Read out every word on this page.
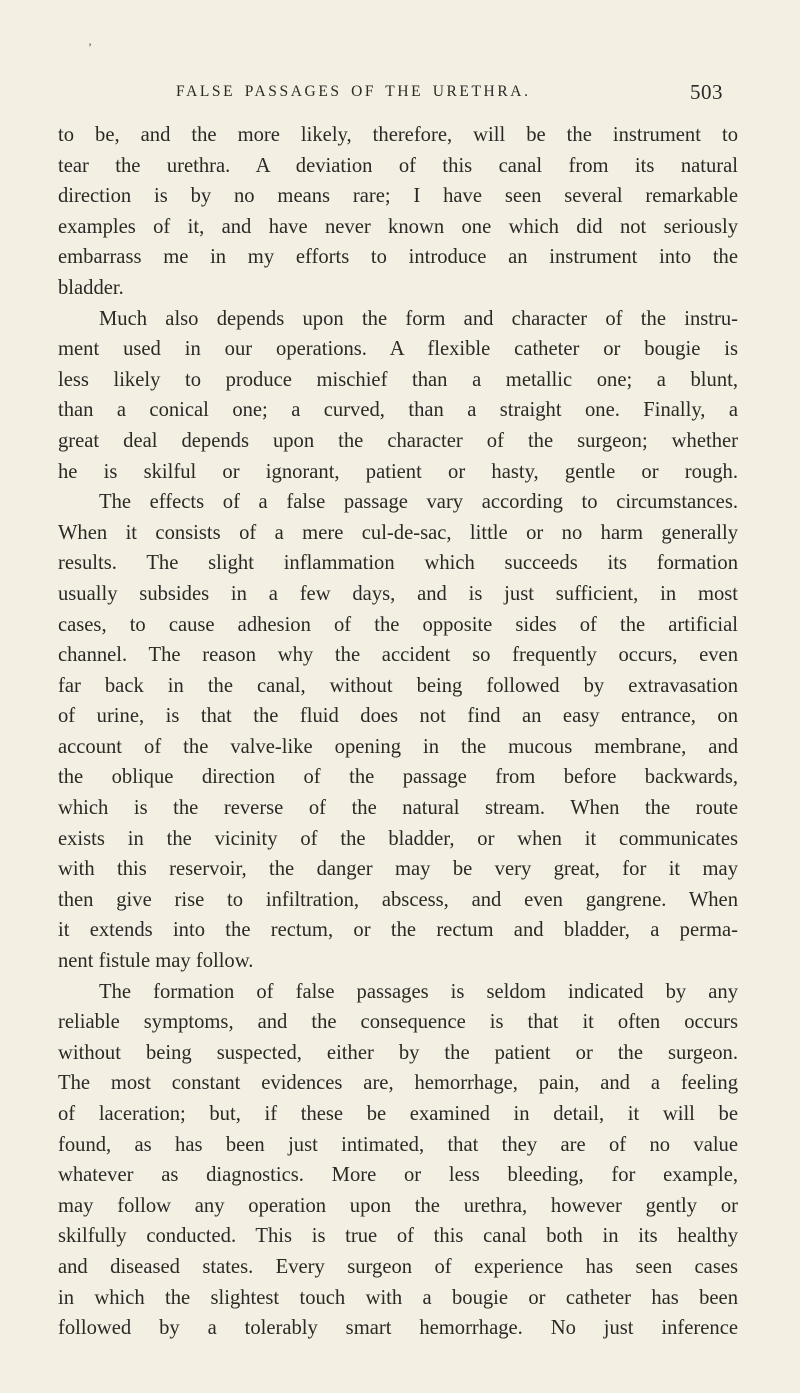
’
FALSE PASSAGES OF THE URETHRA.	503
to be, and the more likely, therefore, will be the instrument to
tear the urethra. A deviation of this canal from its natural
direction is by no means rare; I have seen several remarkable
examples of it, and have never known one which did not seriously
embarrass me in my efforts to introduce an instrument into the
bladder.
Much also depends upon the form and character of the instru-
ment used in our operations. A flexible catheter or bougie is
less likely to produce mischief than a metallic one; a blunt,
than a conical one; a curved, than a straight one. Finally, a
great deal depends upon the character of the surgeon; whether
he is skilful or ignorant, patient or hasty, gentle or rough.
The effects of a false passage vary according to circumstances.
When it consists of a mere cul-de-sac, little or no harm generally
results. The slight inflammation which succeeds its formation
usually subsides in a few days, and is just sufficient, in most
cases, to cause adhesion of the opposite sides of the artificial
channel. The reason why the accident so frequently occurs, even
far back in the canal, without being followed by extravasation
of urine, is that the fluid does not find an easy entrance, on
account of the valve-like opening in the mucous membrane, and
the oblique direction of the passage from before backwards,
which is the reverse of the natural stream. When the route
exists in the vicinity of the bladder, or when it communicates
with this reservoir, the danger may be very great, for it may
then give rise to infiltration, abscess, and even gangrene. When
it extends into the rectum, or the rectum and bladder, a perma-
nent fistule may follow.
The formation of false passages is seldom indicated by any
reliable symptoms, and the consequence is that it often occurs
without being suspected, either by the patient or the surgeon.
The most constant evidences are, hemorrhage, pain, and a feeling
of laceration; but, if these be examined in detail, it will be
found, as has been just intimated, that they are of no value
whatever as diagnostics. More or less bleeding, for example,
may follow any operation upon the urethra, however gently or
skilfully conducted. This is true of this canal both in its healthy
and diseased states. Every surgeon of experience has seen cases
in which the slightest touch with a bougie or catheter has been
followed by a tolerably smart hemorrhage. No just inference
